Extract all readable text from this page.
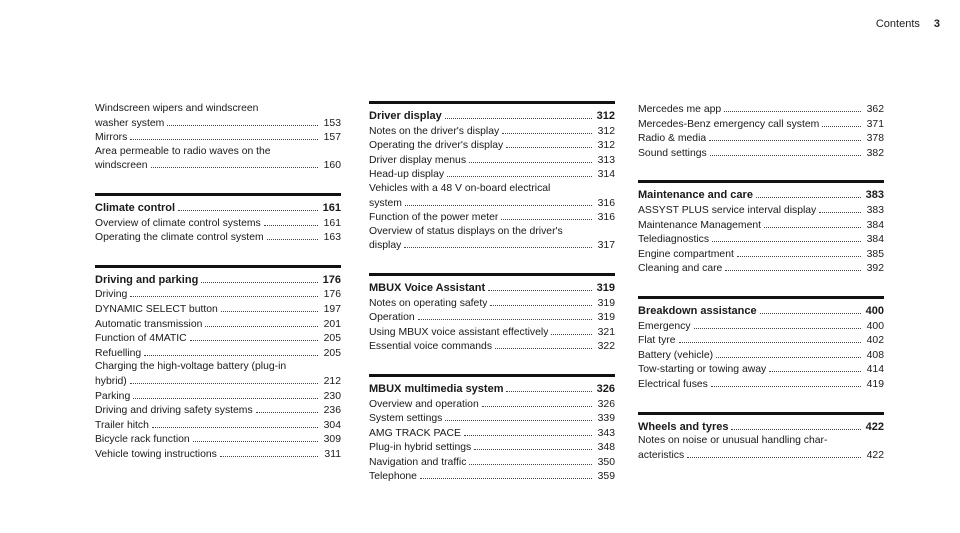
Contents 3
Windscreen wipers and windscreen
washer system	153
Mirrors	157
Area permeable to radio waves on the
windscreen	160
Climate control	161
Overview of climate control systems	161
Operating the climate control system	163
Driving and parking	176
Driving	176
DYNAMIC SELECT button	197
Automatic transmission	201
Function of 4MATIC	205
Refuelling	205
Charging the high-voltage battery (plug-in
hybrid)	212
Parking	230
Driving and driving safety systems	236
Trailer hitch	304
Bicycle rack function	309
Vehicle towing instructions	311
Driver display	312
Notes on the driver's display	312
Operating the driver's display	312
Driver display menus	313
Head-up display	314
Vehicles with a 48 V on-board electrical
system	316
Function of the power meter	316
Overview of status displays on the driver's
display	317
MBUX Voice Assistant	319
Notes on operating safety	319
Operation	319
Using MBUX voice assistant effectively	321
Essential voice commands	322
MBUX multimedia system	326
Overview and operation	326
System settings	339
AMG TRACK PACE	343
Plug-in hybrid settings	348
Navigation and traffic	350
Telephone	359
Mercedes me app	362
Mercedes-Benz emergency call system	371
Radio & media	378
Sound settings	382
Maintenance and care	383
ASSYST PLUS service interval display	383
Maintenance Management	384
Telediagnostics	384
Engine compartment	385
Cleaning and care	392
Breakdown assistance	400
Emergency	400
Flat tyre	402
Battery (vehicle)	408
Tow-starting or towing away	414
Electrical fuses	419
Wheels and tyres	422
Notes on noise or unusual handling char-
acteristics	422
